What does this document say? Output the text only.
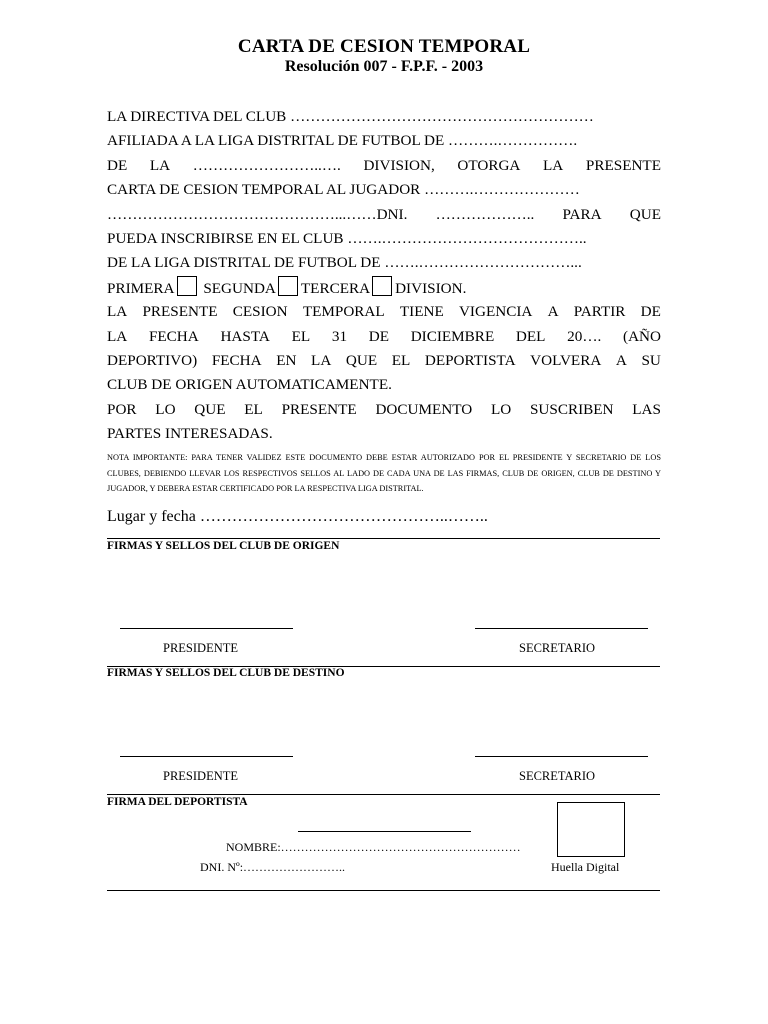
CARTA DE CESION TEMPORAL
Resolución 007 - F.P.F. - 2003
LA DIRECTIVA DEL CLUB ……………………………………………………
AFILIADA A LA LIGA DISTRITAL DE FUTBOL DE ……….…………….
DE LA ……………………..…. DIVISION, OTORGA LA PRESENTE
CARTA DE CESION TEMPORAL AL JUGADOR ……….…………………
………………………………………...……DNI. ……………….. PARA QUE
PUEDA INSCRIBIRSE EN EL CLUB …….…………………………………..
DE LA LIGA DISTRITAL DE FUTBOL DE …….…………………………...
PRIMERA SEGUNDA TERCERA DIVISION.
LA PRESENTE CESION TEMPORAL TIENE VIGENCIA A PARTIR DE
LA FECHA HASTA EL 31 DE DICIEMBRE DEL 20…. (AÑO
DEPORTIVO) FECHA EN LA QUE EL DEPORTISTA VOLVERA A SU
CLUB DE ORIGEN AUTOMATICAMENTE.
POR LO QUE EL PRESENTE DOCUMENTO LO SUSCRIBEN LAS
PARTES INTERESADAS.
NOTA IMPORTANTE: PARA TENER VALIDEZ ESTE DOCUMENTO DEBE ESTAR AUTORIZADO POR EL PRESIDENTE Y SECRETARIO DE LOS CLUBES, DEBIENDO LLEVAR LOS RESPECTIVOS SELLOS AL LADO DE CADA UNA DE LAS FIRMAS, CLUB DE ORIGEN, CLUB DE DESTINO Y JUGADOR, Y DEBERA ESTAR CERTIFICADO POR LA RESPECTIVA LIGA DISTRITAL.
Lugar y fecha ………………………………………..……..
FIRMAS Y SELLOS DEL CLUB DE ORIGEN
PRESIDENTE	SECRETARIO
FIRMAS Y SELLOS DEL CLUB DE DESTINO
PRESIDENTE	SECRETARIO
FIRMA DEL DEPORTISTA
NOMBRE:……………………………………………………
DNI. Nº:……………………..	Huella Digital
